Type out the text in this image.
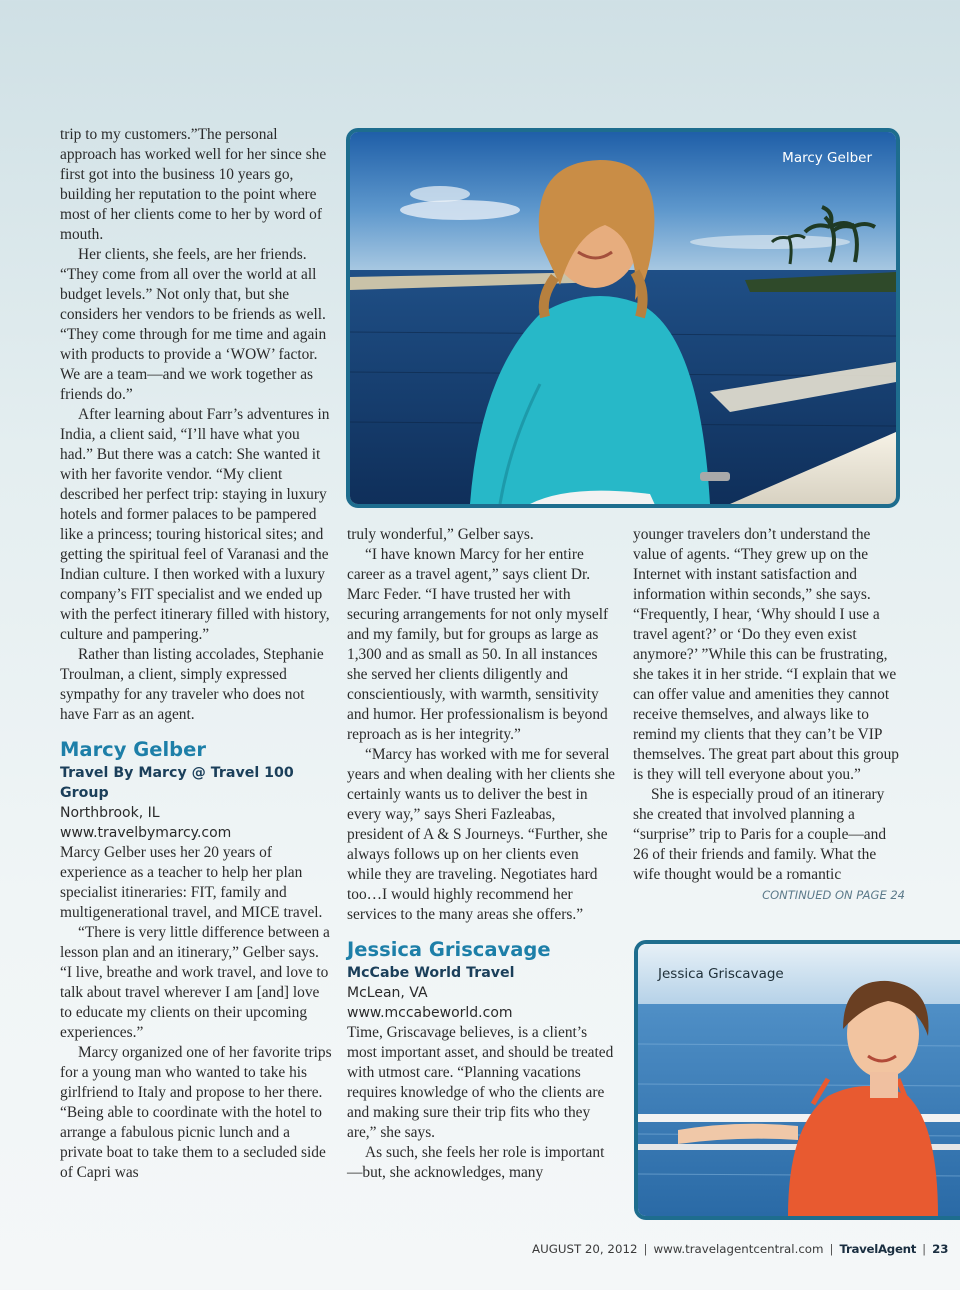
trip to my customers.”The personal approach has worked well for her since she first got into the business 10 years go, building her reputation to the point where most of her clients come to her by word of mouth.

Her clients, she feels, are her friends. “They come from all over the world at all budget levels.” Not only that, but she considers her vendors to be friends as well. “They come through for me time and again with products to provide a ‘WOW’ factor. We are a team—and we work together as friends do.”

After learning about Farr’s adventures in India, a client said, “I’ll have what you had.” But there was a catch: She wanted it with her favorite vendor. “My client described her perfect trip: staying in luxury hotels and former palaces to be pampered like a princess; touring historical sites; and getting the spiritual feel of Varanasi and the Indian culture. I then worked with a luxury company’s FIT specialist and we ended up with the perfect itinerary filled with history, culture and pampering.”

Rather than listing accolades, Stephanie Troulman, a client, simply expressed sympathy for any traveler who does not have Farr as an agent.

Marcy Gelber
Travel By Marcy @ Travel 100 Group
Northbrook, IL
www.travelbymarcy.com

Marcy Gelber uses her 20 years of experience as a teacher to help her plan specialist itineraries: FIT, family and multigenerational travel, and MICE travel.

“There is very little difference between a lesson plan and an itinerary,” Gelber says. “I live, breathe and work travel, and love to talk about travel wherever I am [and] love to educate my clients on their upcoming experiences.”

Marcy organized one of her favorite trips for a young man who wanted to take his girlfriend to Italy and propose to her there. “Being able to coordinate with the hotel to arrange a fabulous picnic lunch and a private boat to take them to a secluded side of Capri was

Marcy Gelber

truly wonderful,” Gelber says.

“I have known Marcy for her entire career as a travel agent,” says client Dr. Marc Feder. “I have trusted her with securing arrangements for not only myself and my family, but for groups as large as 1,300 and as small as 50. In all instances she served her clients diligently and conscientiously, with warmth, sensitivity and humor. Her professionalism is beyond reproach as is her integrity.”

“Marcy has worked with me for several years and when dealing with her clients she certainly wants us to deliver the best in every way,” says Sheri Fazleabas, president of A & S Journeys. “Further, she always follows up on her clients even while they are traveling. Negotiates hard too…I would highly recommend her services to the many areas she offers.”

Jessica Griscavage
McCabe World Travel
McLean, VA
www.mccabeworld.com

Time, Griscavage believes, is a client’s most important asset, and should be treated with utmost care. “Planning vacations requires knowledge of who the clients are and making sure their trip fits who they are,” she says.

As such, she feels her role is important—but, she acknowledges, many

younger travelers don’t understand the value of agents. “They grew up on the Internet with instant satisfaction and information within seconds,” she says. “Frequently, I hear, ‘Why should I use a travel agent?’ or ‘Do they even exist anymore?’ ”While this can be frustrating, she takes it in her stride. “I explain that we can offer value and amenities they cannot receive themselves, and always like to remind my clients that they can’t be VIP themselves. The great part about this group is they will tell everyone about you.”

She is especially proud of an itinerary she created that involved planning a “surprise” trip to Paris for a couple—and 26 of their friends and family. What the wife thought would be a romantic

CONTINUED ON PAGE 24
Jessica Griscavage
AUGUST 20, 2012 | www.travelagentcentral.com | TravelAgent | 23
